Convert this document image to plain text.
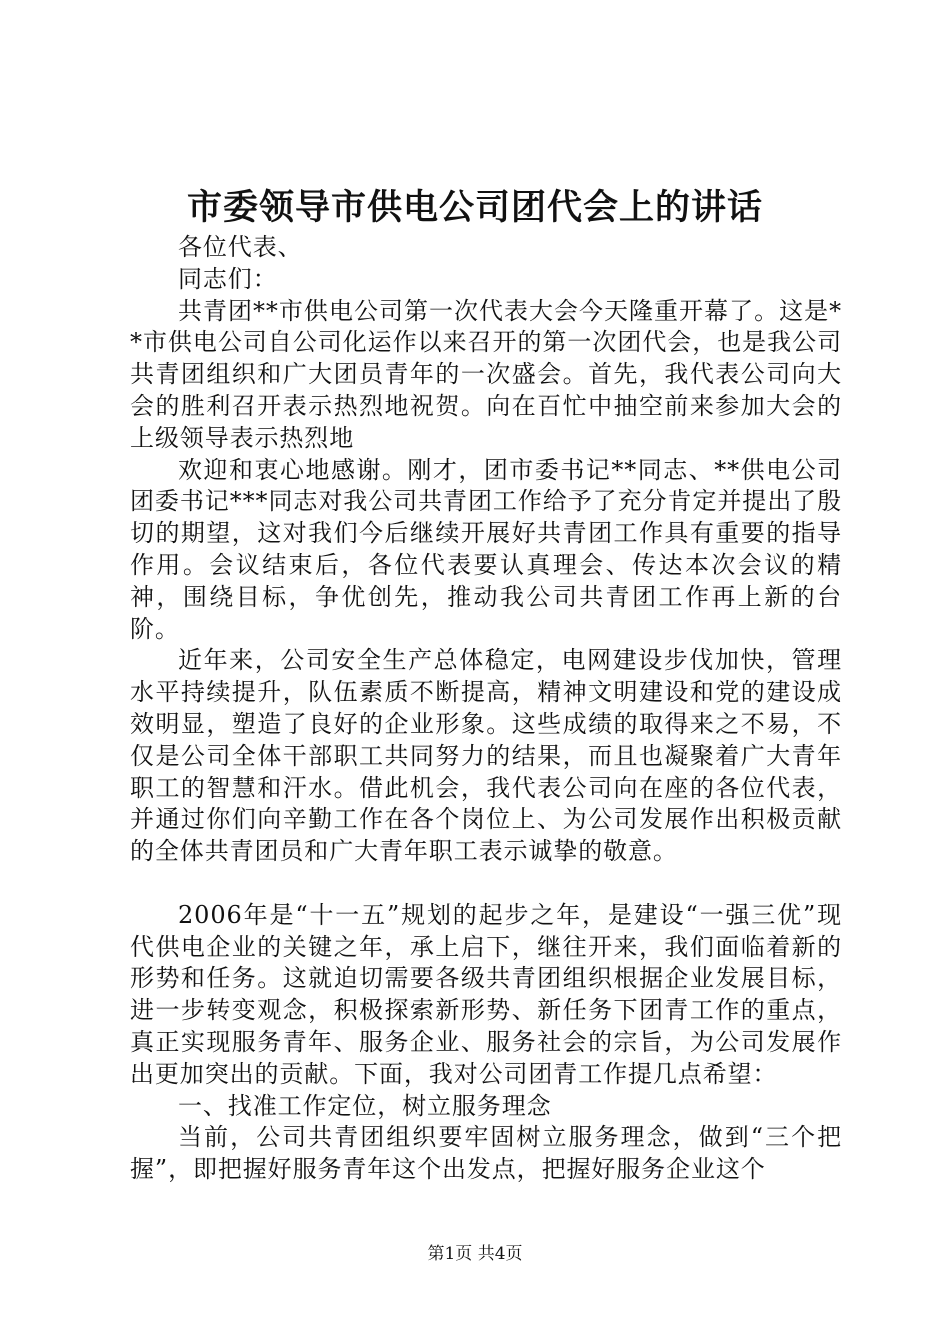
市委领导市供电公司团代会上的讲话

各位代表、

同志们：

共青团**市供电公司第一次代表大会今天隆重开幕了。这是**市供电公司自公司化运作以来召开的第一次团代会，也是我公司共青团组织和广大团员青年的一次盛会。首先，我代表公司向大会的胜利召开表示热烈地祝贺。向在百忙中抽空前来参加大会的上级领导表示热烈地

欢迎和衷心地感谢。刚才，团市委书记**同志、**供电公司团委书记***同志对我公司共青团工作给予了充分肯定并提出了殷切的期望，这对我们今后继续开展好共青团工作具有重要的指导作用。会议结束后，各位代表要认真理会、传达本次会议的精神，围绕目标，争优创先，推动我公司共青团工作再上新的台阶。

近年来，公司安全生产总体稳定，电网建设步伐加快，管理水平持续提升，队伍素质不断提高，精神文明建设和党的建设成效明显，塑造了良好的企业形象。这些成绩的取得来之不易，不仅是公司全体干部职工共同努力的结果，而且也凝聚着广大青年职工的智慧和汗水。借此机会，我代表公司向在座的各位代表，并通过你们向辛勤工作在各个岗位上、为公司发展作出积极贡献的全体共青团员和广大青年职工表示诚挚的敬意。

2006年是“十一五”规划的起步之年，是建设“一强三优”现代供电企业的关键之年，承上启下，继往开来，我们面临着新的形势和任务。这就迫切需要各级共青团组织根据企业发展目标，进一步转变观念，积极探索新形势、新任务下团青工作的重点，真正实现服务青年、服务企业、服务社会的宗旨，为公司发展作出更加突出的贡献。下面，我对公司团青工作提几点希望：

一、找准工作定位，树立服务理念

当前，公司共青团组织要牢固树立服务理念，做到“三个把握”，即把握好服务青年这个出发点，把握好服务企业这个

第1页 共4页
